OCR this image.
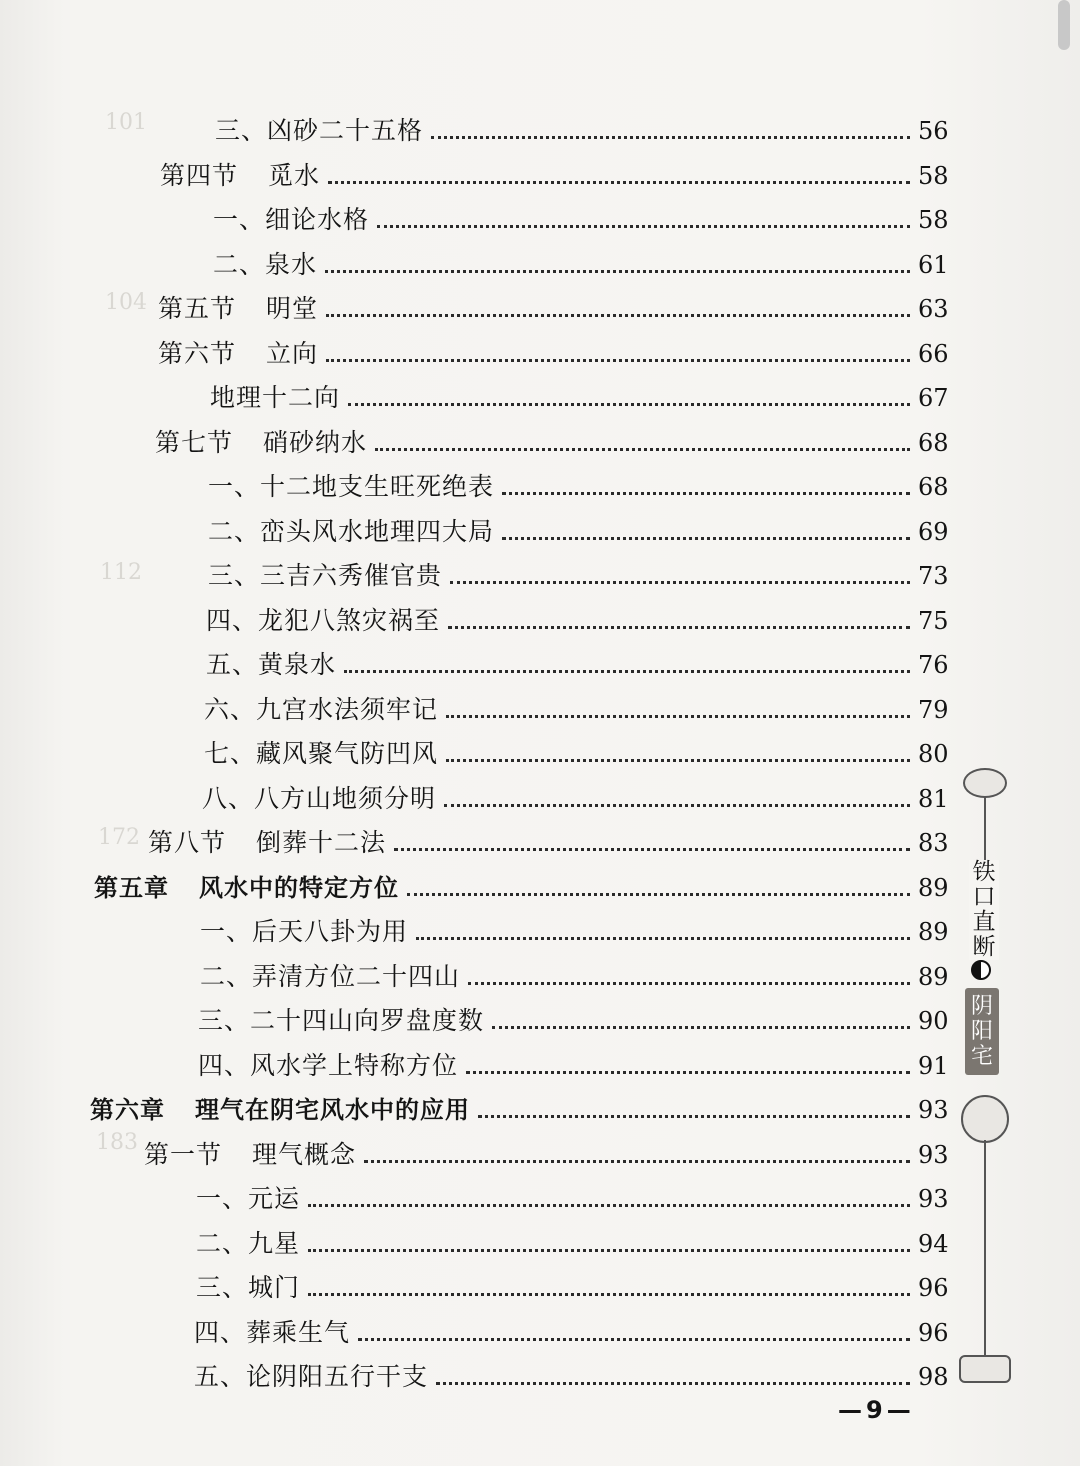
101
104
112
172
183
三、凶砂二十五格	56
第四节 觅水	58
一、细论水格	58
二、泉水	61
第五节 明堂	63
第六节 立向	66
地理十二向	67
第七节 硝砂纳水	68
一、十二地支生旺死绝表	68
二、峦头风水地理四大局	69
三、三吉六秀催官贵	73
四、龙犯八煞灾祸至	75
五、黄泉水	76
六、九宫水法须牢记	79
七、藏风聚气防凹风	80
八、八方山地须分明	81
第八节 倒葬十二法	83
第五章 风水中的特定方位	89
一、后天八卦为用	89
二、弄清方位二十四山	89
三、二十四山向罗盘度数	90
四、风水学上特称方位	91
第六章 理气在阴宅风水中的应用	93
第一节 理气概念	93
一、元运	93
二、九星	94
三、城门	96
四、葬乘生气	96
五、论阴阳五行干支	98
—9—
铁口直断
阴阳宅
